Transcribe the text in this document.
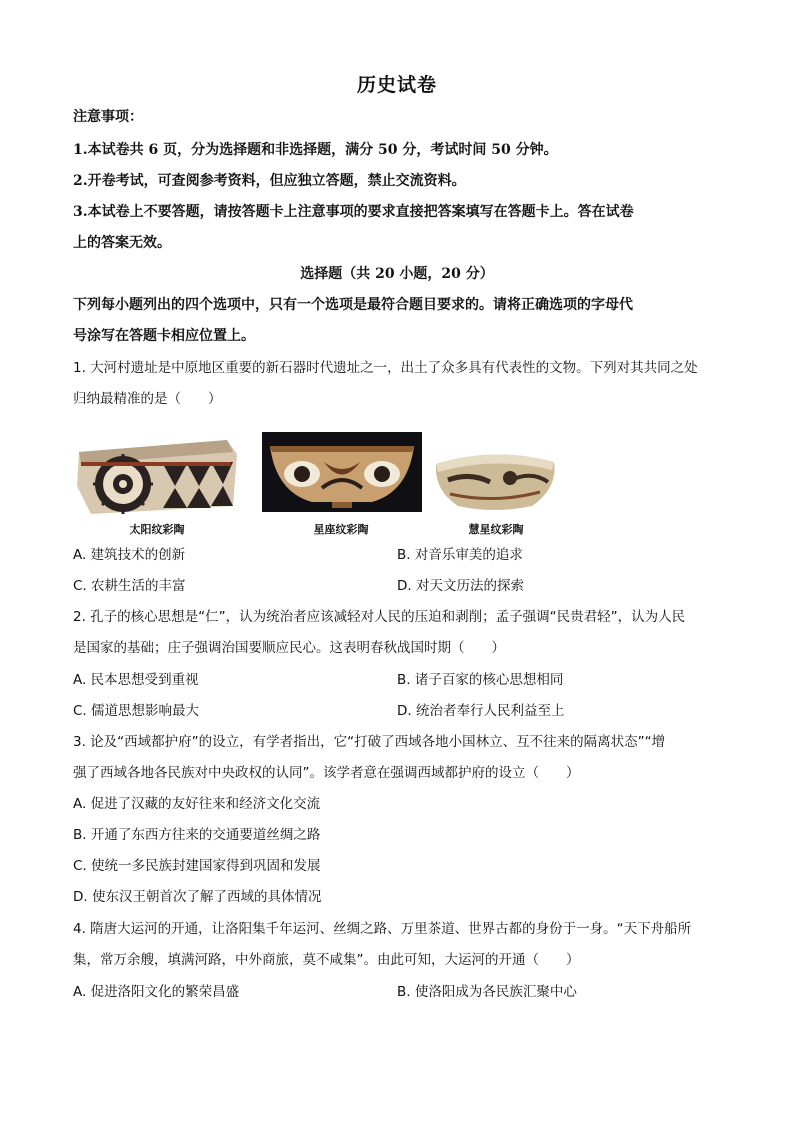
历史试卷
注意事项：
1.本试卷共 6 页，分为选择题和非选择题，满分 50 分，考试时间 50 分钟。
2.开卷考试，可查阅参考资料，但应独立答题，禁止交流资料。
3.本试卷上不要答题，请按答题卡上注意事项的要求直接把答案填写在答题卡上。答在试卷
上的答案无效。
选择题（共 20 小题，20 分）
下列每小题列出的四个选项中，只有一个选项是最符合题目要求的。请将正确选项的字母代
号涂写在答题卡相应位置上。
1. 大河村遗址是中原地区重要的新石器时代遗址之一，出土了众多具有代表性的文物。下列对其共同之处
归纳最精准的是（　　）
太阳纹彩陶	星座纹彩陶	慧星纹彩陶
A. 建筑技术的创新	B. 对音乐审美的追求
C. 农耕生活的丰富	D. 对天文历法的探索
2. 孔子的核心思想是“仁”，认为统治者应该减轻对人民的压迫和剥削；孟子强调“民贵君轻”，认为人民
是国家的基础；庄子强调治国要顺应民心。这表明春秋战国时期（　　）
A. 民本思想受到重视	B. 诸子百家的核心思想相同
C. 儒道思想影响最大	D. 统治者奉行人民利益至上
3. 论及“西域都护府”的设立，有学者指出，它“打破了西域各地小国林立、互不往来的隔离状态”“增
强了西域各地各民族对中央政权的认同”。该学者意在强调西域都护府的设立（　　）
A. 促进了汉藏的友好往来和经济文化交流
B. 开通了东西方往来的交通要道丝绸之路
C. 使统一多民族封建国家得到巩固和发展
D. 使东汉王朝首次了解了西域的具体情况
4. 隋唐大运河的开通，让洛阳集千年运河、丝绸之路、万里茶道、世界古都的身份于一身。“天下舟船所
集，常万余艘，填满河路，中外商旅，莫不咸集”。由此可知，大运河的开通（　　）
A. 促进洛阳文化的繁荣昌盛	B. 使洛阳成为各民族汇聚中心
